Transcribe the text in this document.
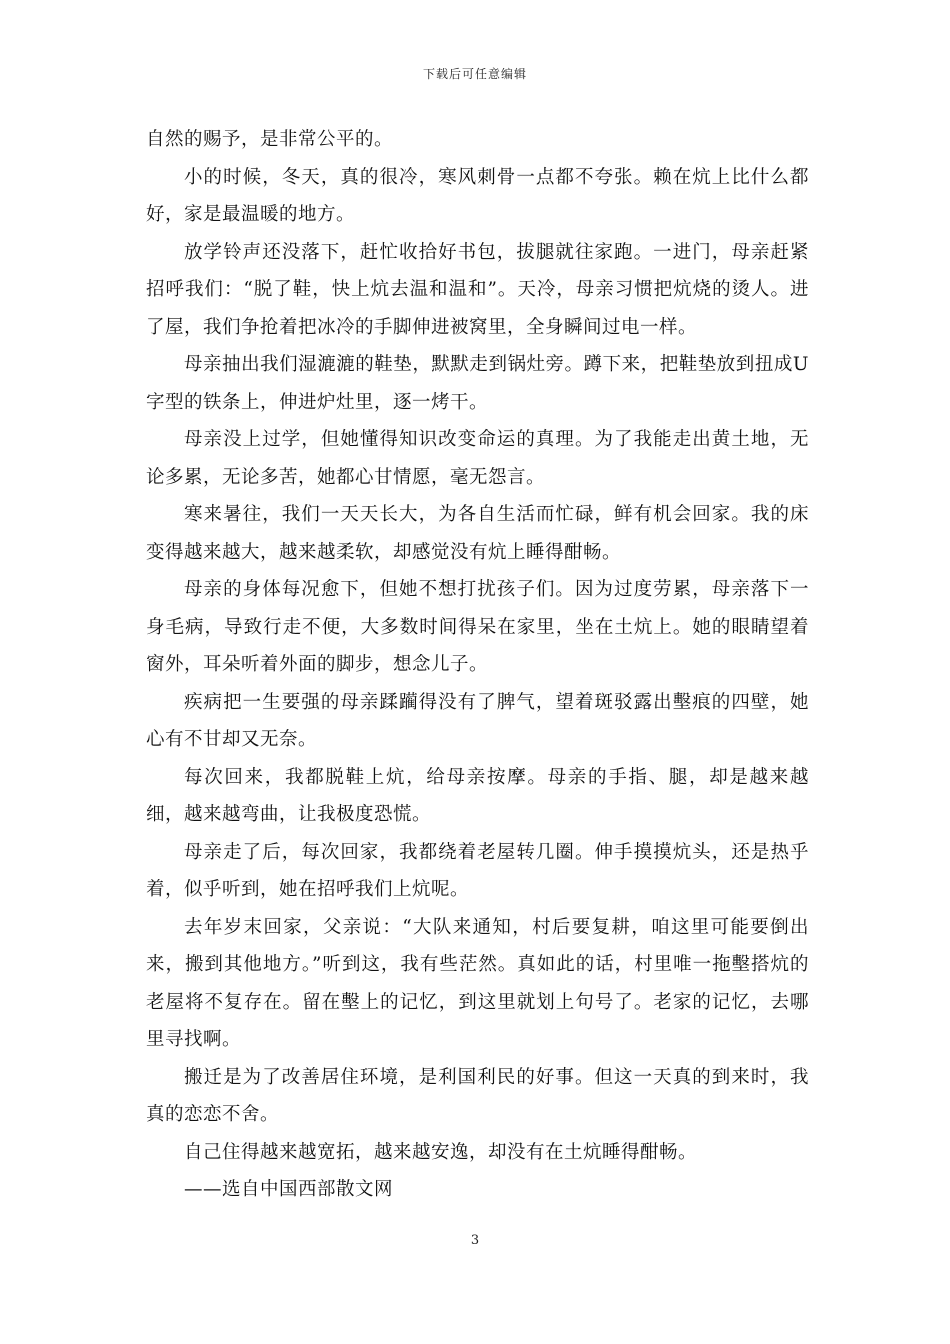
下载后可任意编辑

自然的赐予，是非常公平的。

小的时候，冬天，真的很冷，寒风刺骨一点都不夸张。赖在炕上比什么都好，家是最温暖的地方。

放学铃声还没落下，赶忙收拾好书包，拔腿就往家跑。一进门，母亲赶紧招呼我们：“脱了鞋，快上炕去温和温和”。天冷，母亲习惯把炕烧的烫人。进了屋，我们争抢着把冰冷的手脚伸进被窝里，全身瞬间过电一样。

母亲抽出我们湿漉漉的鞋垫，默默走到锅灶旁。蹲下来，把鞋垫放到扭成U字型的铁条上，伸进炉灶里，逐一烤干。

母亲没上过学，但她懂得知识改变命运的真理。为了我能走出黄土地，无论多累，无论多苦，她都心甘情愿，毫无怨言。

寒来暑往，我们一天天长大，为各自生活而忙碌，鲜有机会回家。我的床变得越来越大，越来越柔软，却感觉没有炕上睡得酣畅。

母亲的身体每况愈下，但她不想打扰孩子们。因为过度劳累，母亲落下一身毛病，导致行走不便，大多数时间得呆在家里，坐在土炕上。她的眼睛望着窗外，耳朵听着外面的脚步，想念儿子。

疾病把一生要强的母亲蹂躏得没有了脾气，望着斑驳露出墼痕的四壁，她心有不甘却又无奈。

每次回来，我都脱鞋上炕，给母亲按摩。母亲的手指、腿，却是越来越细，越来越弯曲，让我极度恐慌。

母亲走了后，每次回家，我都绕着老屋转几圈。伸手摸摸炕头，还是热乎着，似乎听到，她在招呼我们上炕呢。

去年岁末回家，父亲说：“大队来通知，村后要复耕，咱这里可能要倒出来，搬到其他地方。”听到这，我有些茫然。真如此的话，村里唯一拖墼搭炕的老屋将不复存在。留在墼上的记忆，到这里就划上句号了。老家的记忆，去哪里寻找啊。

搬迁是为了改善居住环境，是利国利民的好事。但这一天真的到来时，我真的恋恋不舍。

自己住得越来越宽拓，越来越安逸，却没有在土炕睡得酣畅。

——选自中国西部散文网

3
